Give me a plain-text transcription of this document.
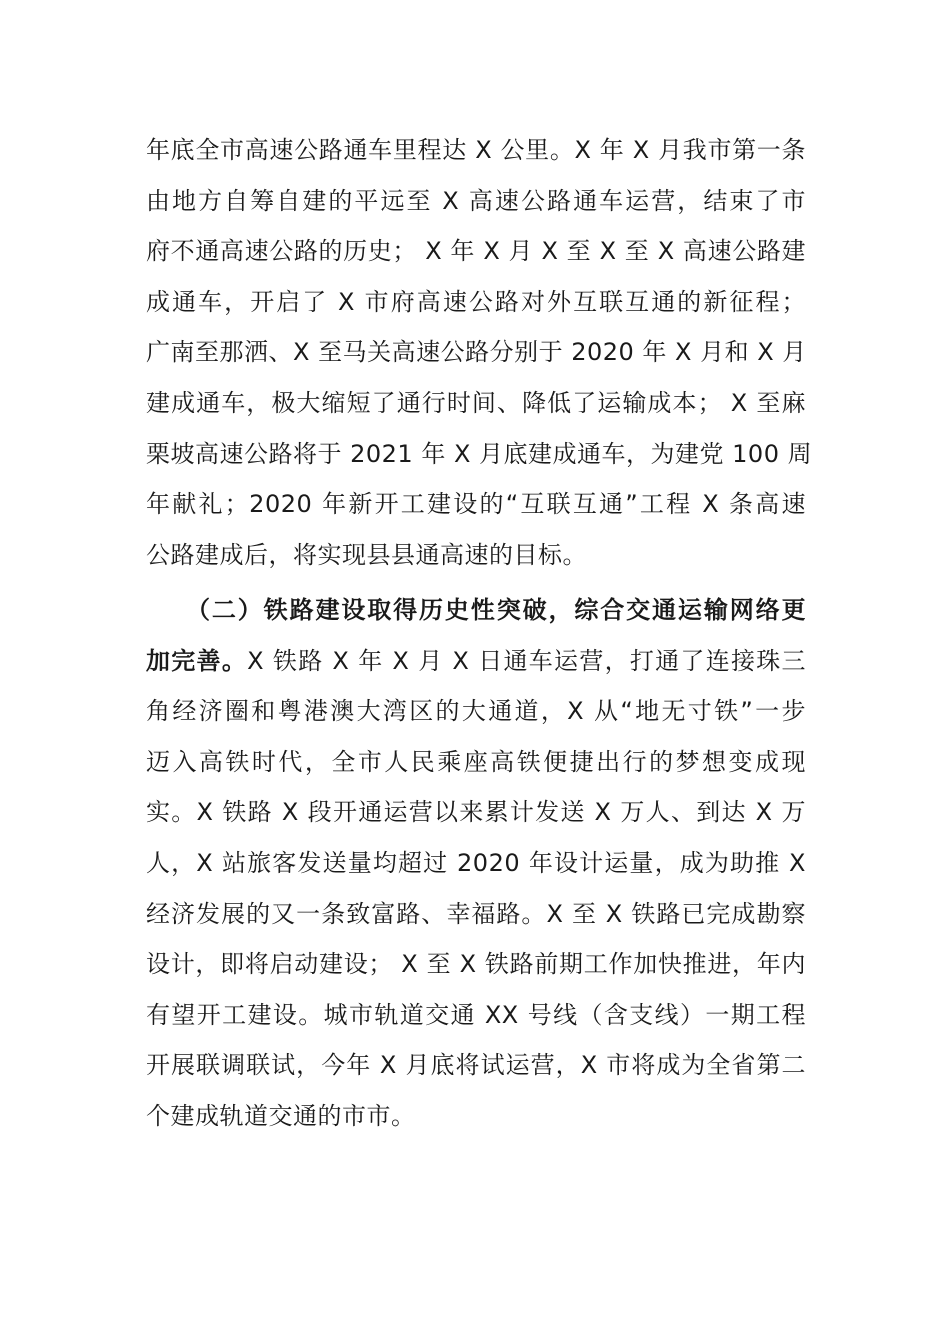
年底全市高速公路通车里程达 X 公里。X 年 X 月我市第一条
由地方自筹自建的平远至 X 高速公路通车运营，结束了市
府不通高速公路的历史； X 年 X 月 X 至 X 至 X 高速公路建
成通车，开启了 X 市府高速公路对外互联互通的新征程；
广南至那洒、X 至马关高速公路分别于 2020 年 X 月和 X 月
建成通车，极大缩短了通行时间、降低了运输成本； X 至麻
栗坡高速公路将于 2021 年 X 月底建成通车，为建党 100 周
年献礼；2020 年新开工建设的“互联互通”工程 X 条高速
公路建成后，将实现县县通高速的目标。
（二）铁路建设取得历史性突破，综合交通运输网络更
加完善。X 铁路 X 年 X 月 X 日通车运营，打通了连接珠三
角经济圈和粤港澳大湾区的大通道，X 从“地无寸铁”一步
迈入高铁时代，全市人民乘座高铁便捷出行的梦想变成现
实。X 铁路 X 段开通运营以来累计发送 X 万人、到达 X 万
人，X 站旅客发送量均超过 2020 年设计运量，成为助推 X
经济发展的又一条致富路、幸福路。X 至 X 铁路已完成勘察
设计，即将启动建设； X 至 X 铁路前期工作加快推进，年内
有望开工建设。城市轨道交通 XX 号线（含支线）一期工程
开展联调联试，今年 X 月底将试运营，X 市将成为全省第二
个建成轨道交通的市市。
